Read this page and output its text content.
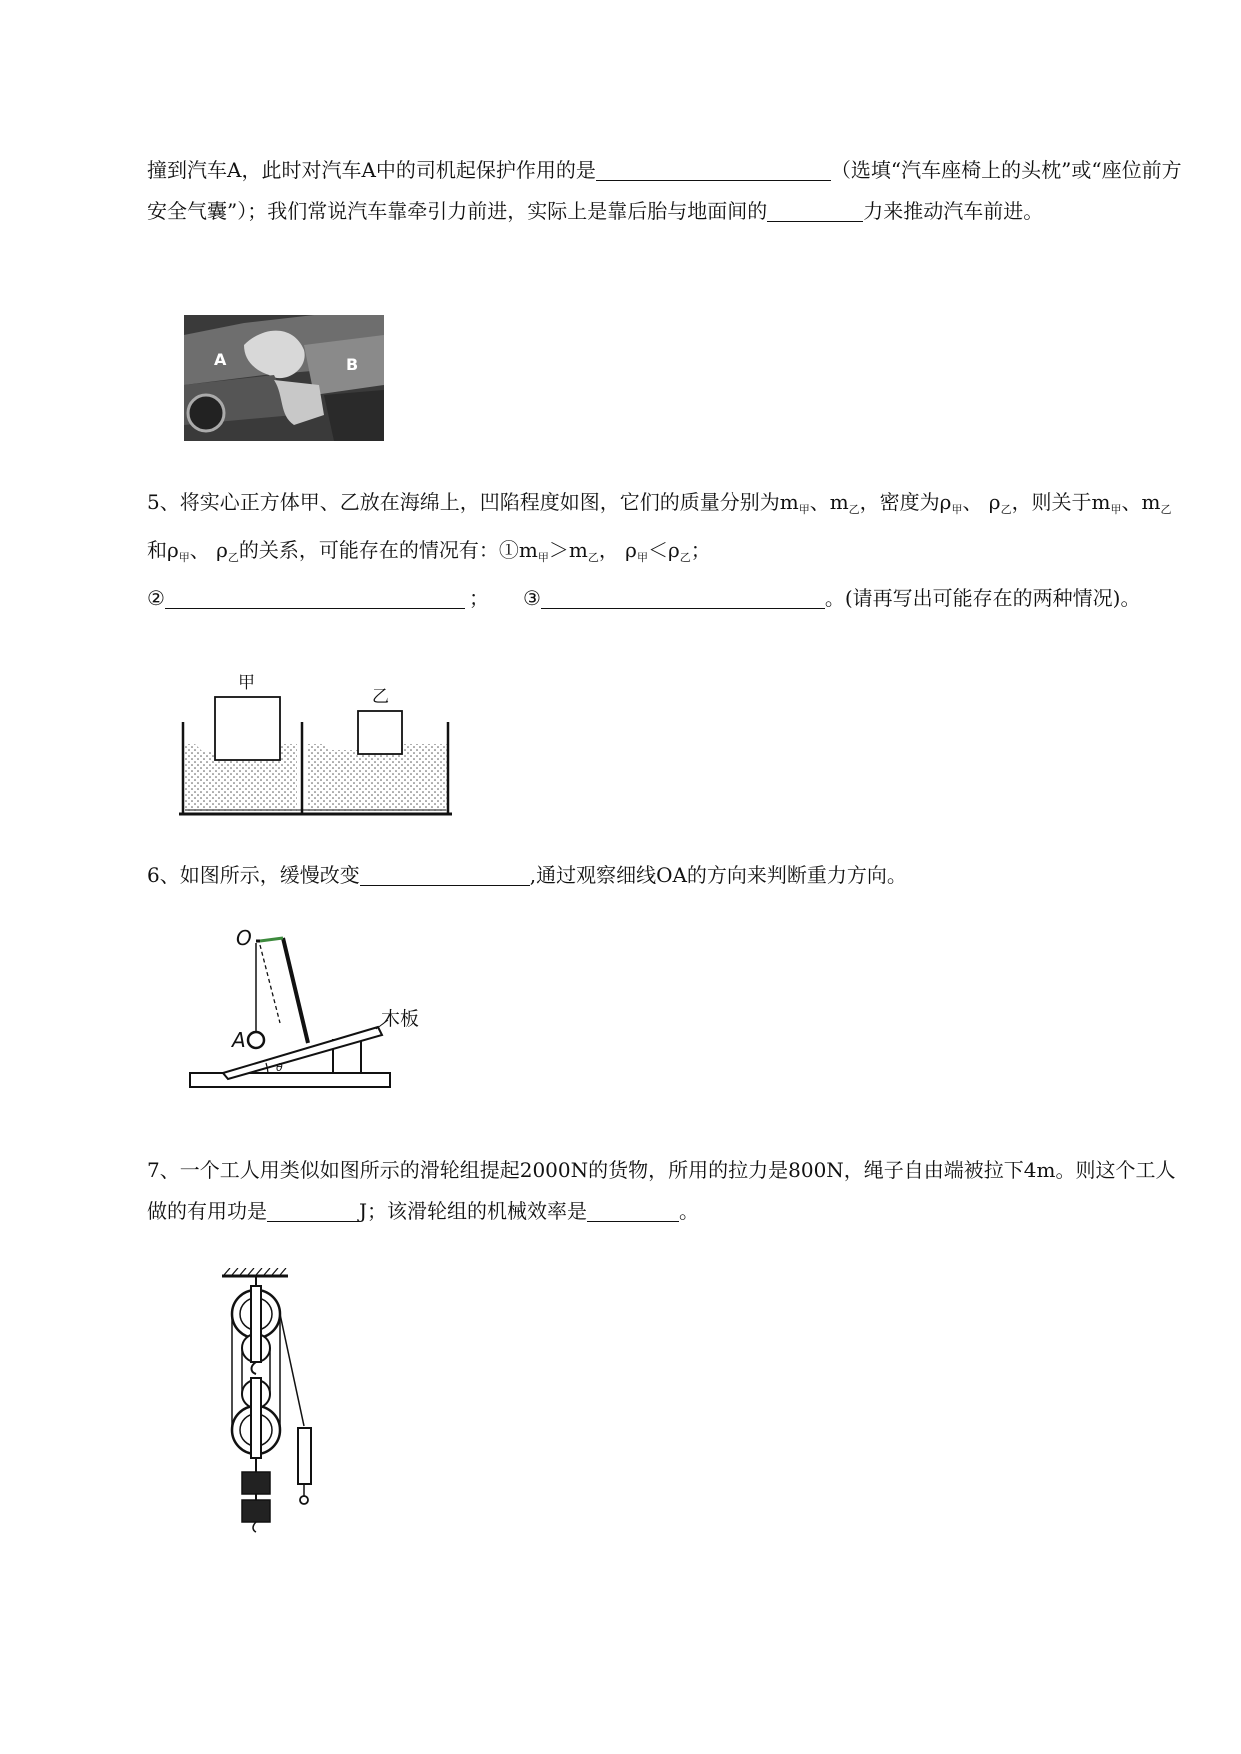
撞到汽车A，此时对汽车A中的司机起保护作用的是	（选填“汽车座椅上的头枕”或“座位前方安全气囊”）；我们常说汽车靠牵引力前进，实际上是靠后胎与地面间的	力来推动汽车前进。

A	B

5、将实心正方体甲、乙放在海绵上，凹陷程度如图，它们的质量分别为$m_甲$、$m_乙$，密度为$\rho_甲$、 $\rho_乙$，则关于$m_甲$、$m_乙$和$\rho_甲$、 $\rho_乙$的关系，可能存在的情况有：$①m_甲>m_乙$， $\rho_甲<\rho_乙$；
②	； ③	。(请再写出可能存在的两种情况)。

甲
乙

6、如图所示，缓慢改变	,通过观察细线OA的方向来判断重力方向。

θ
O
A
木板

7、一个工人用类似如图所示的滑轮组提起2000N的货物，所用的拉力是800N，绳子自由端被拉下4m。则这个工人做的有用功是	J；该滑轮组的机械效率是	。
